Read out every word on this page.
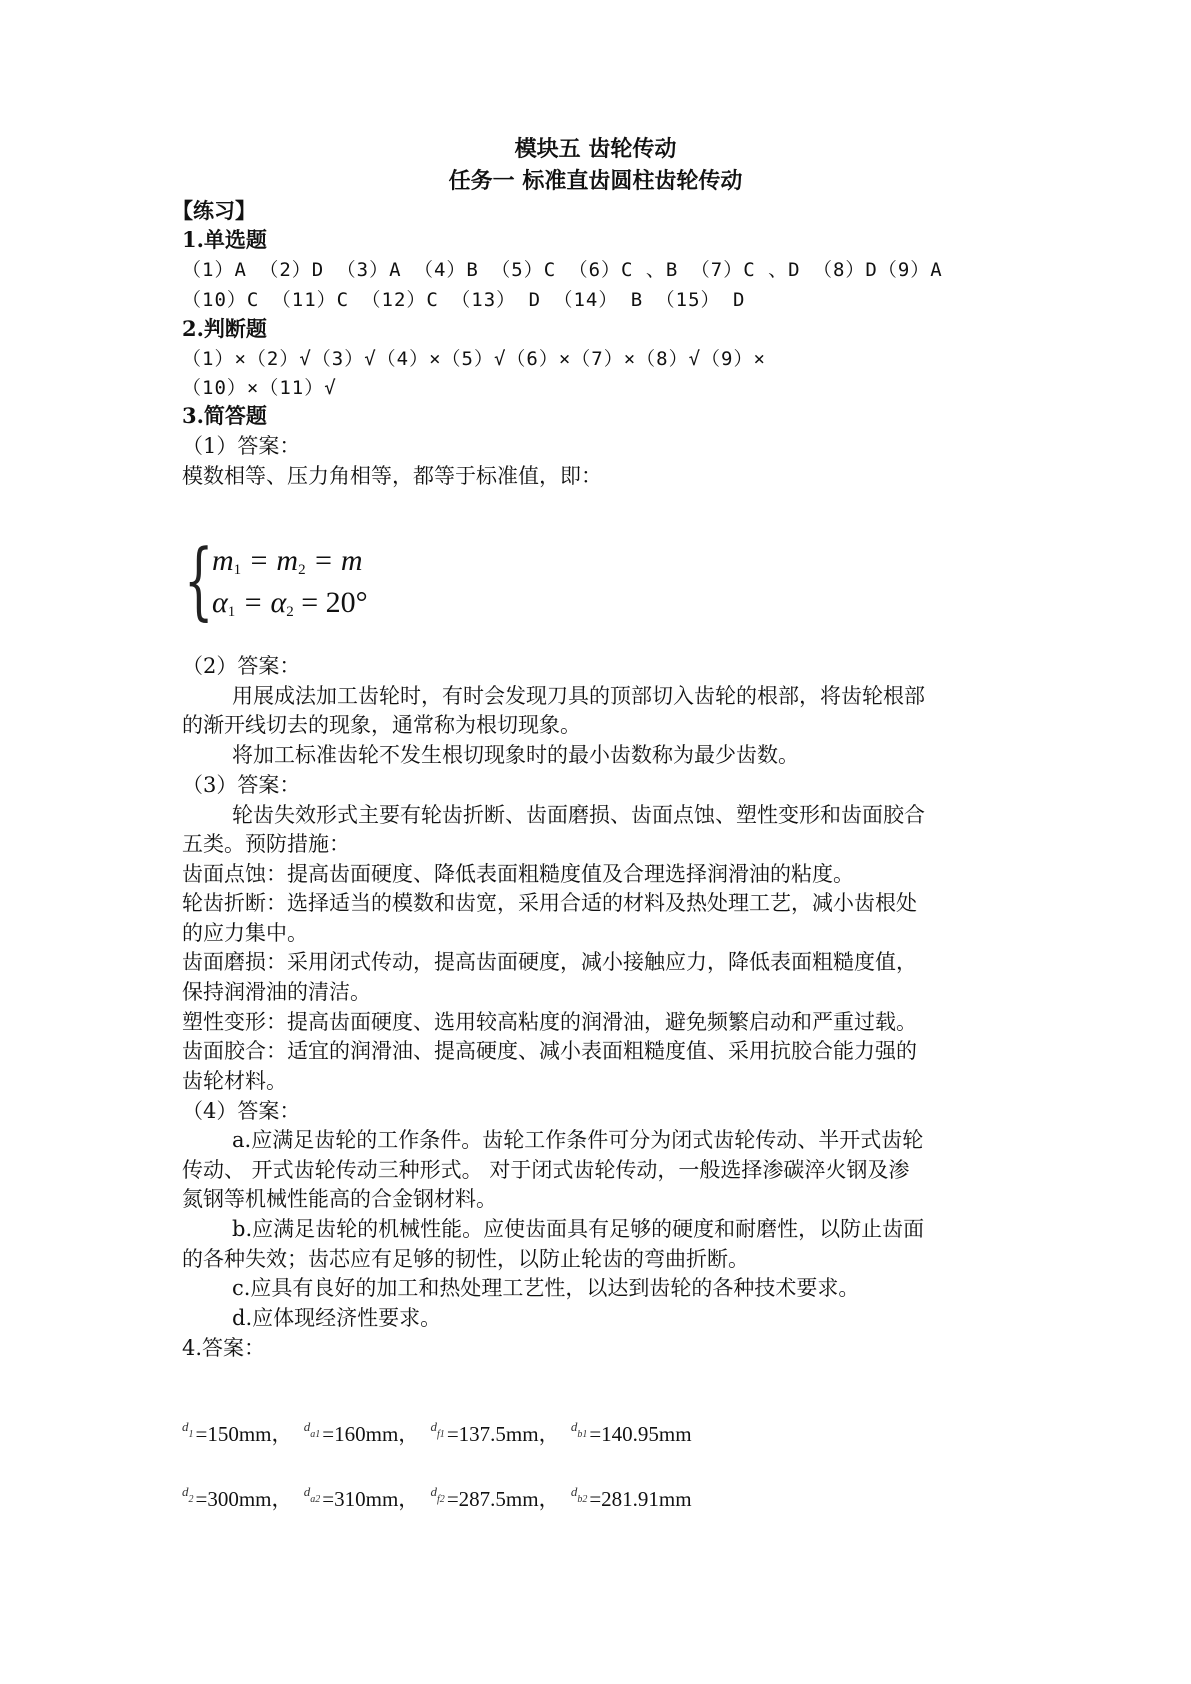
模块五 齿轮传动
任务一 标准直齿圆柱齿轮传动
【练习】
1.单选题
（1）A （2）D （3）A （4）B （5）C （6）C 、B （7）C 、D （8）D（9）A
（10）C （11）C （12）C （13） D （14） B （15） D
2.判断题
（1）×（2）√（3）√（4）×（5）√（6）×（7）×（8）√（9）×
（10）×（11）√
3.简答题
（1）答案：
模数相等、压力角相等，都等于标准值，即：
{
$m_1 = m_2 = m$
$\alpha_1 = \alpha_2 = 20^\circ$
（2）答案：
用展成法加工齿轮时，有时会发现刀具的顶部切入齿轮的根部，将齿轮根部
的渐开线切去的现象，通常称为根切现象。
将加工标准齿轮不发生根切现象时的最小齿数称为最少齿数。
（3）答案：
轮齿失效形式主要有轮齿折断、齿面磨损、齿面点蚀、塑性变形和齿面胶合
五类。预防措施：
齿面点蚀：提高齿面硬度、降低表面粗糙度值及合理选择润滑油的粘度。
轮齿折断：选择适当的模数和齿宽，采用合适的材料及热处理工艺，减小齿根处
的应力集中。
齿面磨损：采用闭式传动，提高齿面硬度，减小接触应力，降低表面粗糙度值，
保持润滑油的清洁。
塑性变形：提高齿面硬度、选用较高粘度的润滑油，避免频繁启动和严重过载。
齿面胶合：适宜的润滑油、提高硬度、减小表面粗糙度值、采用抗胶合能力强的
齿轮材料。
（4）答案：
a.应满足齿轮的工作条件。齿轮工作条件可分为闭式齿轮传动、半开式齿轮
传动、 开式齿轮传动三种形式。 对于闭式齿轮传动，一般选择渗碳淬火钢及渗
氮钢等机械性能高的合金钢材料。
b.应满足齿轮的机械性能。应使齿面具有足够的硬度和耐磨性，以防止齿面
的各种失效；齿芯应有足够的韧性，以防止轮齿的弯曲折断。
c.应具有良好的加工和热处理工艺性，以达到齿轮的各种技术要求。
d.应体现经济性要求。
4.答案：
$^d$1=150mm， $^d$a1=160mm， $^d$f1=137.5mm， $^d$b1=140.95mm
$^d$2=300mm， $^d$a2=310mm， $^d$f2=287.5mm， $^d$b2=281.91mm
